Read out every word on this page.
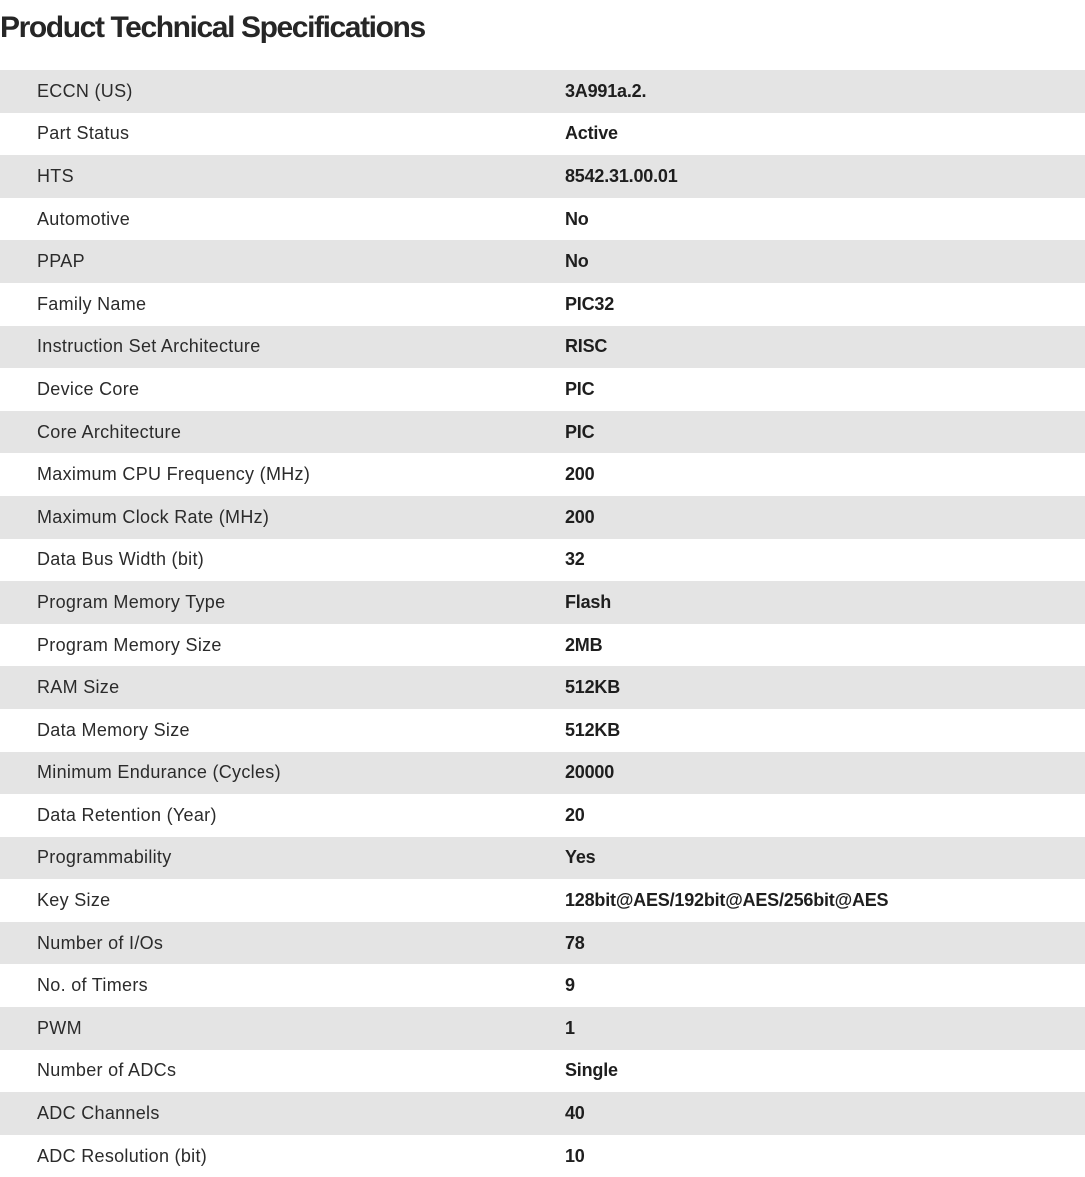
Product Technical Specifications
ECCN (US)	3A991a.2.
Part Status	Active
HTS	8542.31.00.01
Automotive	No
PPAP	No
Family Name	PIC32
Instruction Set Architecture	RISC
Device Core	PIC
Core Architecture	PIC
Maximum CPU Frequency (MHz)	200
Maximum Clock Rate (MHz)	200
Data Bus Width (bit)	32
Program Memory Type	Flash
Program Memory Size	2MB
RAM Size	512KB
Data Memory Size	512KB
Minimum Endurance (Cycles)	20000
Data Retention (Year)	20
Programmability	Yes
Key Size	128bit@AES/192bit@AES/256bit@AES
Number of I/Os	78
No. of Timers	9
PWM	1
Number of ADCs	Single
ADC Channels	40
ADC Resolution (bit)	10
